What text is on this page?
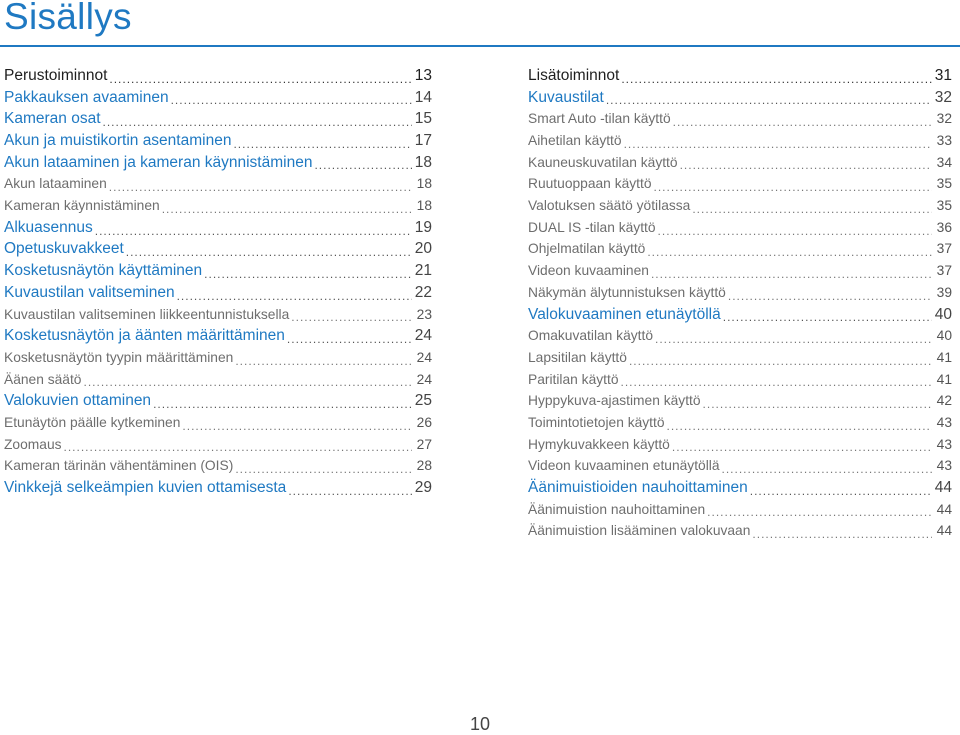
Sisällys
Perustoiminnot .....	13
Pakkauksen avaaminen .....	14
Kameran osat .....	15
Akun ja muistikortin asentaminen .....	17
Akun lataaminen ja kameran käynnistäminen .....	18
Akun lataaminen .....	18
Kameran käynnistäminen .....	18
Alkuasennus .....	19
Opetuskuvakkeet .....	20
Kosketusnäytön käyttäminen .....	21
Kuvaustilan valitseminen .....	22
Kuvaustilan valitseminen liikkeentunnistuksella .....	23
Kosketusnäytön ja äänten määrittäminen .....	24
Kosketusnäytön tyypin määrittäminen .....	24
Äänen säätö .....	24
Valokuvien ottaminen .....	25
Etunäytön päälle kytkeminen .....	26
Zoomaus .....	27
Kameran tärinän vähentäminen (OIS) .....	28
Vinkkejä selkeämpien kuvien ottamisesta .....	29
Lisätoiminnot .....	31
Kuvaustilat .....	32
Smart Auto -tilan käyttö .....	32
Aihetilan käyttö .....	33
Kauneuskuvatilan käyttö .....	34
Ruutuoppaan käyttö .....	35
Valotuksen säätö yötilassa .....	35
DUAL IS -tilan käyttö .....	36
Ohjelmatilan käyttö .....	37
Videon kuvaaminen .....	37
Näkymän älytunnistuksen käyttö .....	39
Valokuvaaminen etunäytöllä .....	40
Omakuvatilan käyttö .....	40
Lapsitilan käyttö .....	41
Paritilan käyttö .....	41
Hyppykuva-ajastimen käyttö .....	42
Toimintotietojen käyttö .....	43
Hymykuvakkeen käyttö .....	43
Videon kuvaaminen etunäytöllä .....	43
Äänimuistioiden nauhoittaminen .....	44
Äänimuistion nauhoittaminen .....	44
Äänimuistion lisääminen valokuvaan .....	44
10
